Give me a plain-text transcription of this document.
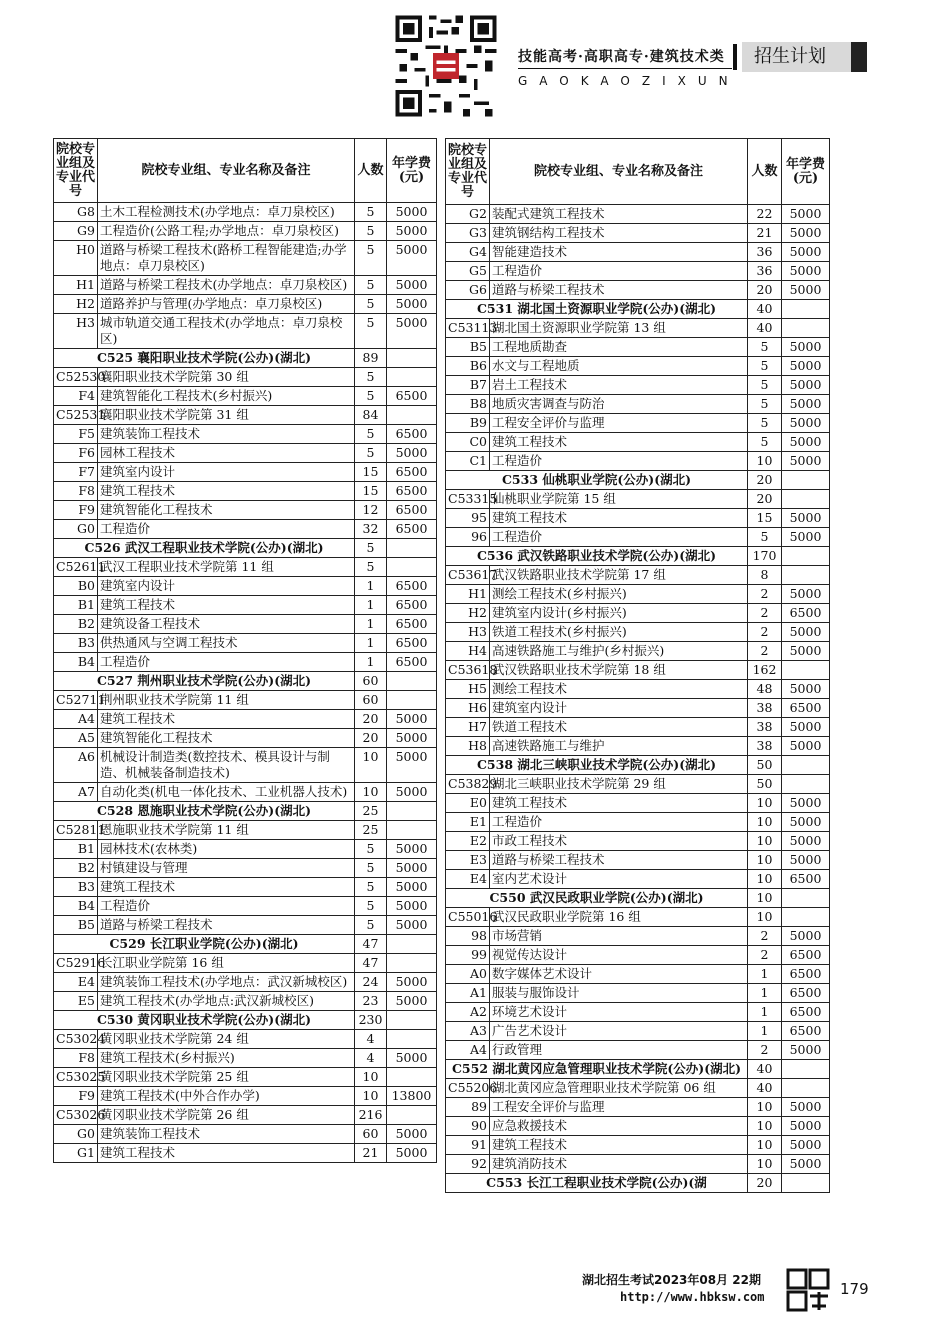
技能高考·高职高专·建筑技术类
GAOKAOZIXUN
招生计划
院校专业组及专业代号	院校专业组、专业名称及备注	人数	年学费(元)
G8	土木工程检测技术(办学地点：卓刀泉校区)	5	5000
G9	工程造价(公路工程;办学地点：卓刀泉校区)	5	5000
H0	道路与桥梁工程技术(路桥工程智能建造;办学地点：卓刀泉校区)	5	5000
H1	道路与桥梁工程技术(办学地点：卓刀泉校区)	5	5000
H2	道路养护与管理(办学地点：卓刀泉校区)	5	5000
H3	城市轨道交通工程技术(办学地点：卓刀泉校区)	5	5000
C525 襄阳职业技术学院(公办)(湖北)		89	
C52530	襄阳职业技术学院第 30 组	5	
F4	建筑智能化工程技术(乡村振兴)	5	6500
C52531	襄阳职业技术学院第 31 组	84	
F5	建筑装饰工程技术	5	6500
F6	园林工程技术	5	5000
F7	建筑室内设计	15	6500
F8	建筑工程技术	15	6500
F9	建筑智能化工程技术	12	6500
G0	工程造价	32	6500
C526 武汉工程职业技术学院(公办)(湖北)		5	
C52611	武汉工程职业技术学院第 11 组	5	
B0	建筑室内设计	1	6500
B1	建筑工程技术	1	6500
B2	建筑设备工程技术	1	6500
B3	供热通风与空调工程技术	1	6500
B4	工程造价	1	6500
C527 荆州职业技术学院(公办)(湖北)		60	
C52711	荆州职业技术学院第 11 组	60	
A4	建筑工程技术	20	5000
A5	建筑智能化工程技术	20	5000
A6	机械设计制造类(数控技术、模具设计与制造、机械装备制造技术)	10	5000
A7	自动化类(机电一体化技术、工业机器人技术)	10	5000
C528 恩施职业技术学院(公办)(湖北)		25	
C52811	恩施职业技术学院第 11 组	25	
B1	园林技术(农林类)	5	5000
B2	村镇建设与管理	5	5000
B3	建筑工程技术	5	5000
B4	工程造价	5	5000
B5	道路与桥梁工程技术	5	5000
C529 长江职业学院(公办)(湖北)		47	
C52916	长江职业学院第 16 组	47	
E4	建筑装饰工程技术(办学地点：武汉新城校区)	24	5000
E5	建筑工程技术(办学地点:武汉新城校区)	23	5000
C530 黄冈职业技术学院(公办)(湖北)		230	
C53024	黄冈职业技术学院第 24 组	4	
F8	建筑工程技术(乡村振兴)	4	5000
C53025	黄冈职业技术学院第 25 组	10	
F9	建筑工程技术(中外合作办学)	10	13800
C53026	黄冈职业技术学院第 26 组	216	
G0	建筑装饰工程技术	60	5000
G1	建筑工程技术	21	5000
院校专业组及专业代号	院校专业组、专业名称及备注	人数	年学费(元)
G2	装配式建筑工程技术	22	5000
G3	建筑钢结构工程技术	21	5000
G4	智能建造技术	36	5000
G5	工程造价	36	5000
G6	道路与桥梁工程技术	20	5000
C531 湖北国土资源职业学院(公办)(湖北)		40	
C53113	湖北国土资源职业学院第 13 组	40	
B5	工程地质勘查	5	5000
B6	水文与工程地质	5	5000
B7	岩土工程技术	5	5000
B8	地质灾害调查与防治	5	5000
B9	工程安全评价与监理	5	5000
C0	建筑工程技术	5	5000
C1	工程造价	10	5000
C533 仙桃职业学院(公办)(湖北)		20	
C53315	仙桃职业学院第 15 组	20	
95	建筑工程技术	15	5000
96	工程造价	5	5000
C536 武汉铁路职业技术学院(公办)(湖北)		170	
C53617	武汉铁路职业技术学院第 17 组	8	
H1	测绘工程技术(乡村振兴)	2	5000
H2	建筑室内设计(乡村振兴)	2	6500
H3	铁道工程技术(乡村振兴)	2	5000
H4	高速铁路施工与维护(乡村振兴)	2	5000
C53618	武汉铁路职业技术学院第 18 组	162	
H5	测绘工程技术	48	5000
H6	建筑室内设计	38	6500
H7	铁道工程技术	38	5000
H8	高速铁路施工与维护	38	5000
C538 湖北三峡职业技术学院(公办)(湖北)		50	
C53829	湖北三峡职业技术学院第 29 组	50	
E0	建筑工程技术	10	5000
E1	工程造价	10	5000
E2	市政工程技术	10	5000
E3	道路与桥梁工程技术	10	5000
E4	室内艺术设计	10	6500
C550 武汉民政职业学院(公办)(湖北)		10	
C55016	武汉民政职业学院第 16 组	10	
98	市场营销	2	5000
99	视觉传达设计	2	6500
A0	数字媒体艺术设计	1	6500
A1	服装与服饰设计	1	6500
A2	环境艺术设计	1	6500
A3	广告艺术设计	1	6500
A4	行政管理	2	5000
C552 湖北黄冈应急管理职业技术学院(公办)(湖北)		40	
C55206	湖北黄冈应急管理职业技术学院第 06 组	40	
89	工程安全评价与监理	10	5000
90	应急救援技术	10	5000
91	建筑工程技术	10	5000
92	建筑消防技术	10	5000
C553 长江工程职业技术学院(公办)(湖		20	
湖北招生考试2023年08月 22期
http://www.hbksw.com	179
